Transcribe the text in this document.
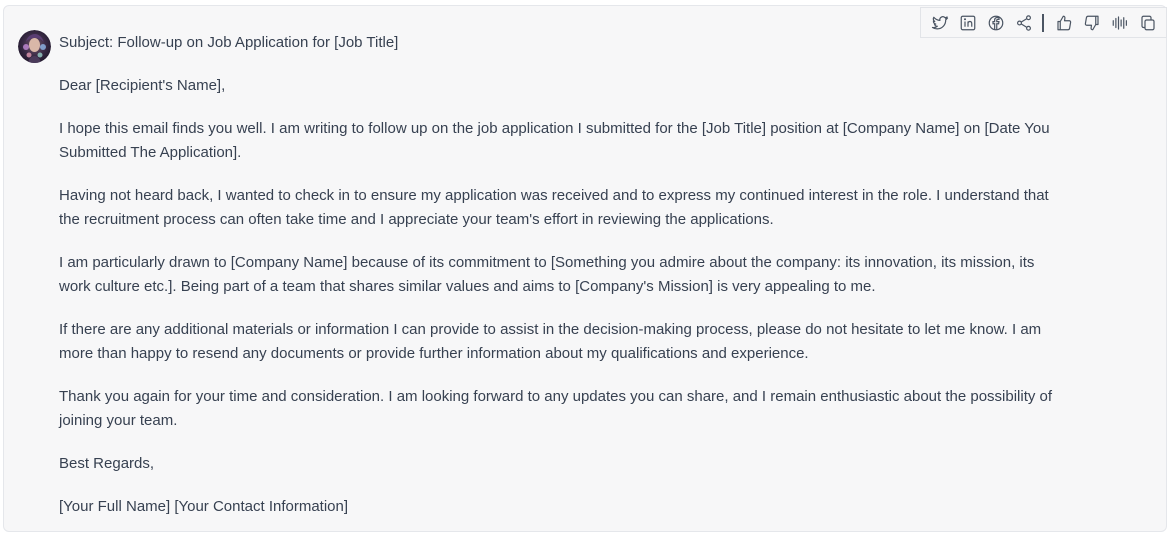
Subject: Follow-up on Job Application for [Job Title]

Dear [Recipient's Name],

I hope this email finds you well. I am writing to follow up on the job application I submitted for the [Job Title] position at [Company Name] on [Date You Submitted The Application].

Having not heard back, I wanted to check in to ensure my application was received and to express my continued interest in the role. I understand that the recruitment process can often take time and I appreciate your team's effort in reviewing the applications.

I am particularly drawn to [Company Name] because of its commitment to [Something you admire about the company: its innovation, its mission, its work culture etc.]. Being part of a team that shares similar values and aims to [Company's Mission] is very appealing to me.

If there are any additional materials or information I can provide to assist in the decision-making process, please do not hesitate to let me know. I am more than happy to resend any documents or provide further information about my qualifications and experience.

Thank you again for your time and consideration. I am looking forward to any updates you can share, and I remain enthusiastic about the possibility of joining your team.

Best Regards,

[Your Full Name] [Your Contact Information]
